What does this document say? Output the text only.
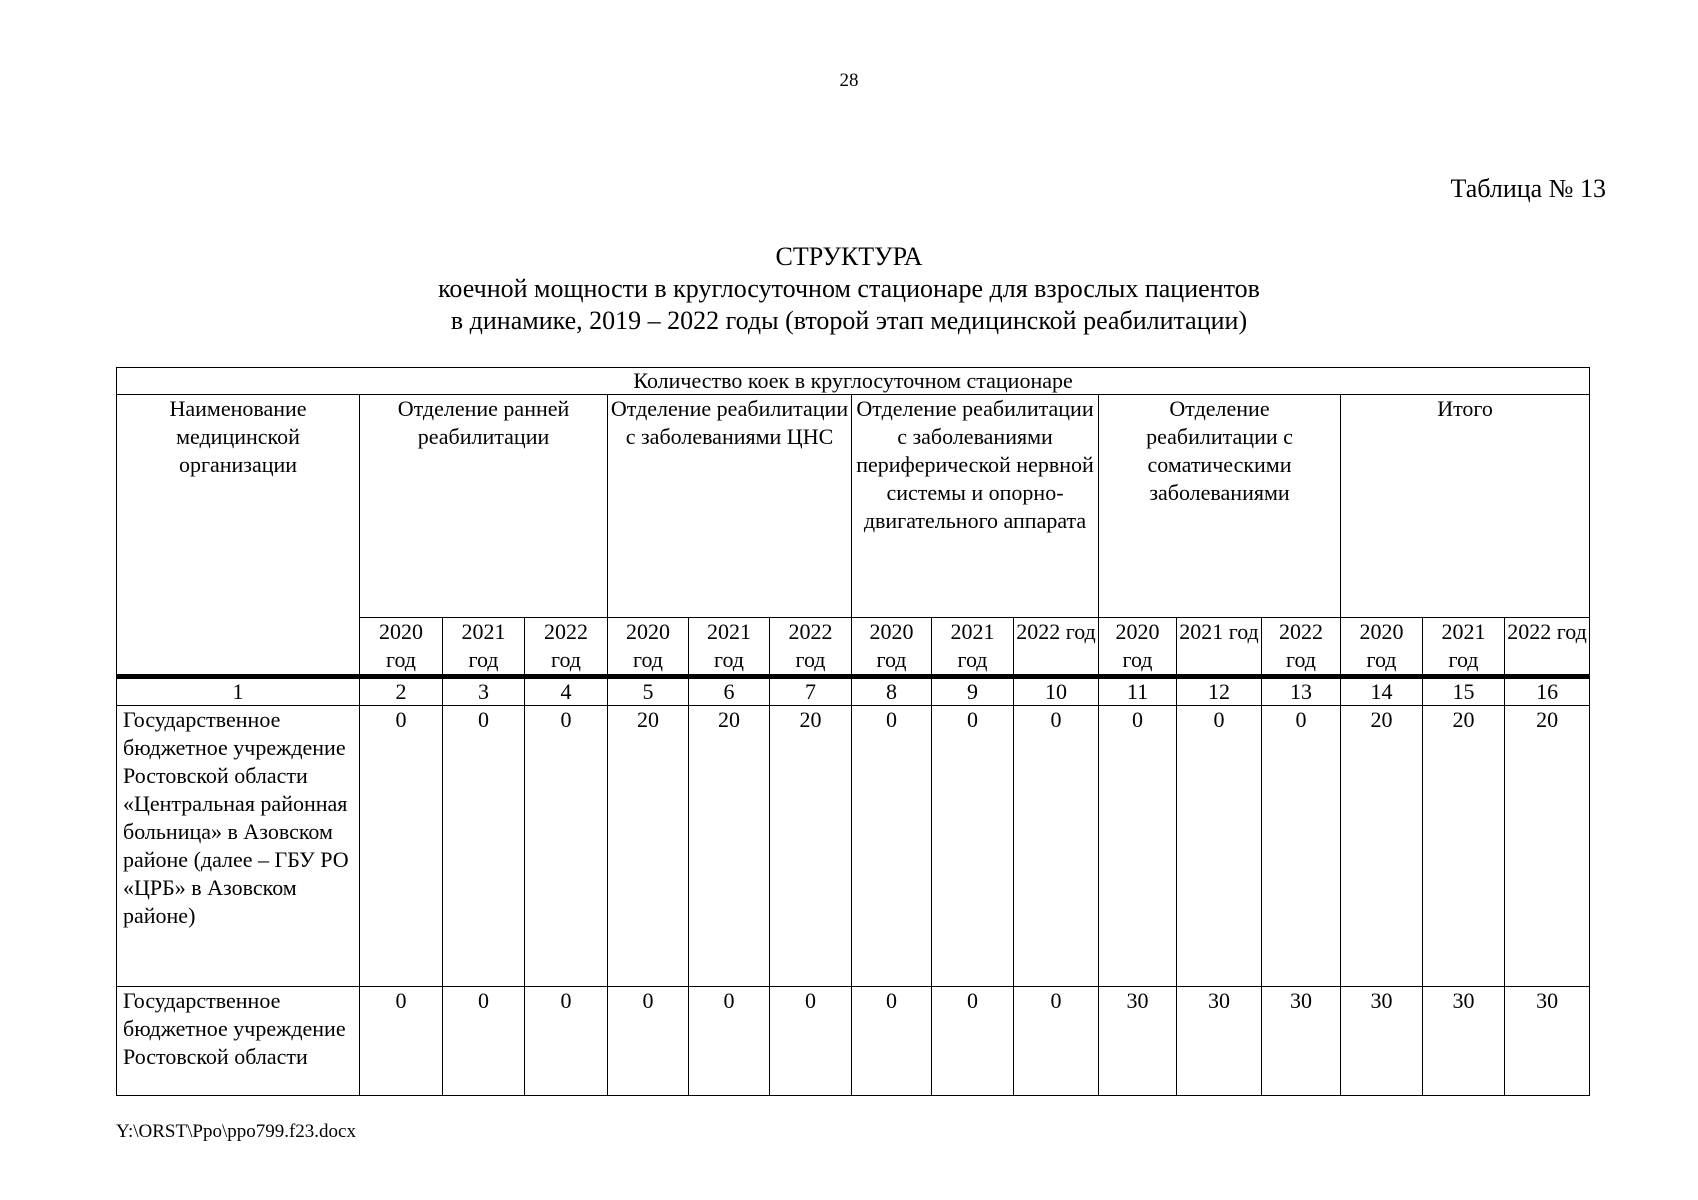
28
Таблица № 13
СТРУКТУРА
коечной мощности в круглосуточном стационаре для взрослых пациентов
в динамике, 2019 – 2022 годы (второй этап медицинской реабилитации)
Количество коек в круглосуточном стационаре															
Наименование медицинской организации	Отделение ранней реабилитации			Отделение реабилитации с заболеваниями ЦНС			Отделение реабилитации с заболеваниями периферической нервной системы и опорно-двигательного аппарата			Отделение реабилитации с соматическими заболеваниями			Итого		
	2020 год	2021 год	2022 год	2020 год	2021 год	2022 год	2020 год	2021 год	2022 год	2020 год	2021 год	2022 год	2020 год	2021 год	2022 год
1	2	3	4	5	6	7	8	9	10	11	12	13	14	15	16
Государственное бюджетное учреждение Ростовской области «Центральная районная больница» в Азовском районе (далее – ГБУ РО «ЦРБ» в Азовском районе)	0	0	0	20	20	20	0	0	0	0	0	0	20	20	20
Государственное бюджетное учреждение Ростовской области	0	0	0	0	0	0	0	0	0	30	30	30	30	30	30
Y:\ORST\Ppo\ppo799.f23.docx
